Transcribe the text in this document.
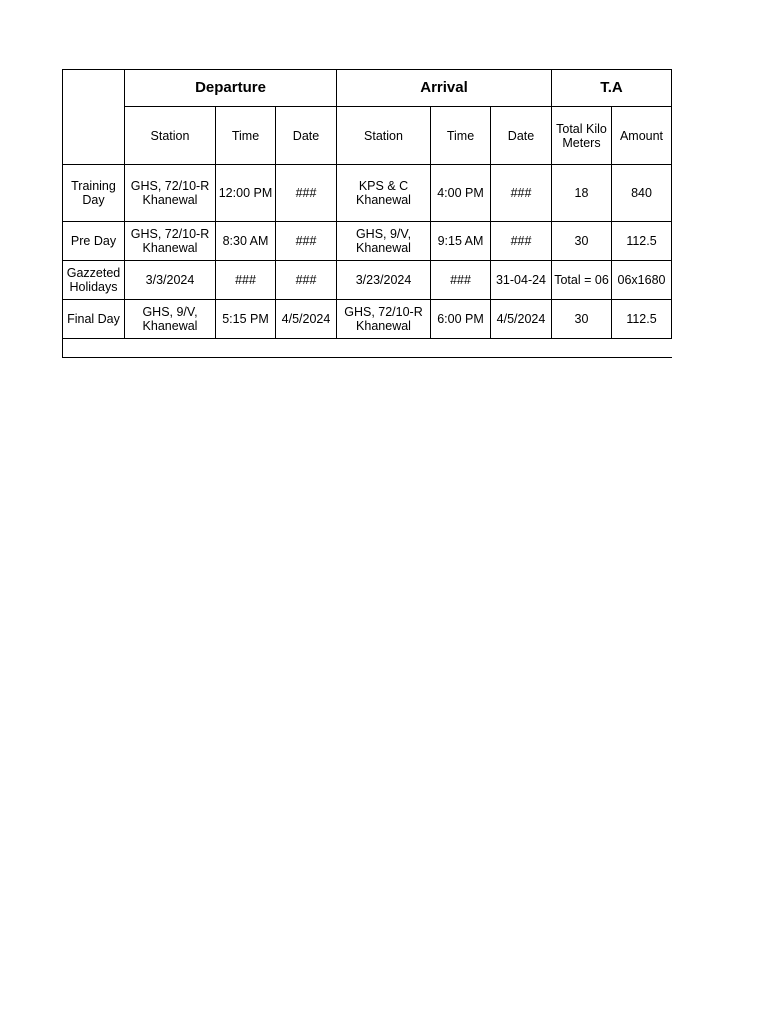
	Departure			Arrival			T.A	
	Station	Time	Date	Station	Time	Date	Total Kilo Meters	Amount
Training Day	GHS, 72/10-R Khanewal	12:00 PM	###	KPS & C Khanewal	4:00 PM	###	18	840
Pre Day	GHS, 72/10-R Khanewal	8:30 AM	###	GHS, 9/V, Khanewal	9:15 AM	###	30	112.5
Gazzeted Holidays	3/3/2024	###	###	3/23/2024	###	31-04-24	Total = 06	06x1680
Final Day	GHS, 9/V, Khanewal	5:15 PM	4/5/2024	GHS, 72/10-R Khanewal	6:00 PM	4/5/2024	30	112.5
